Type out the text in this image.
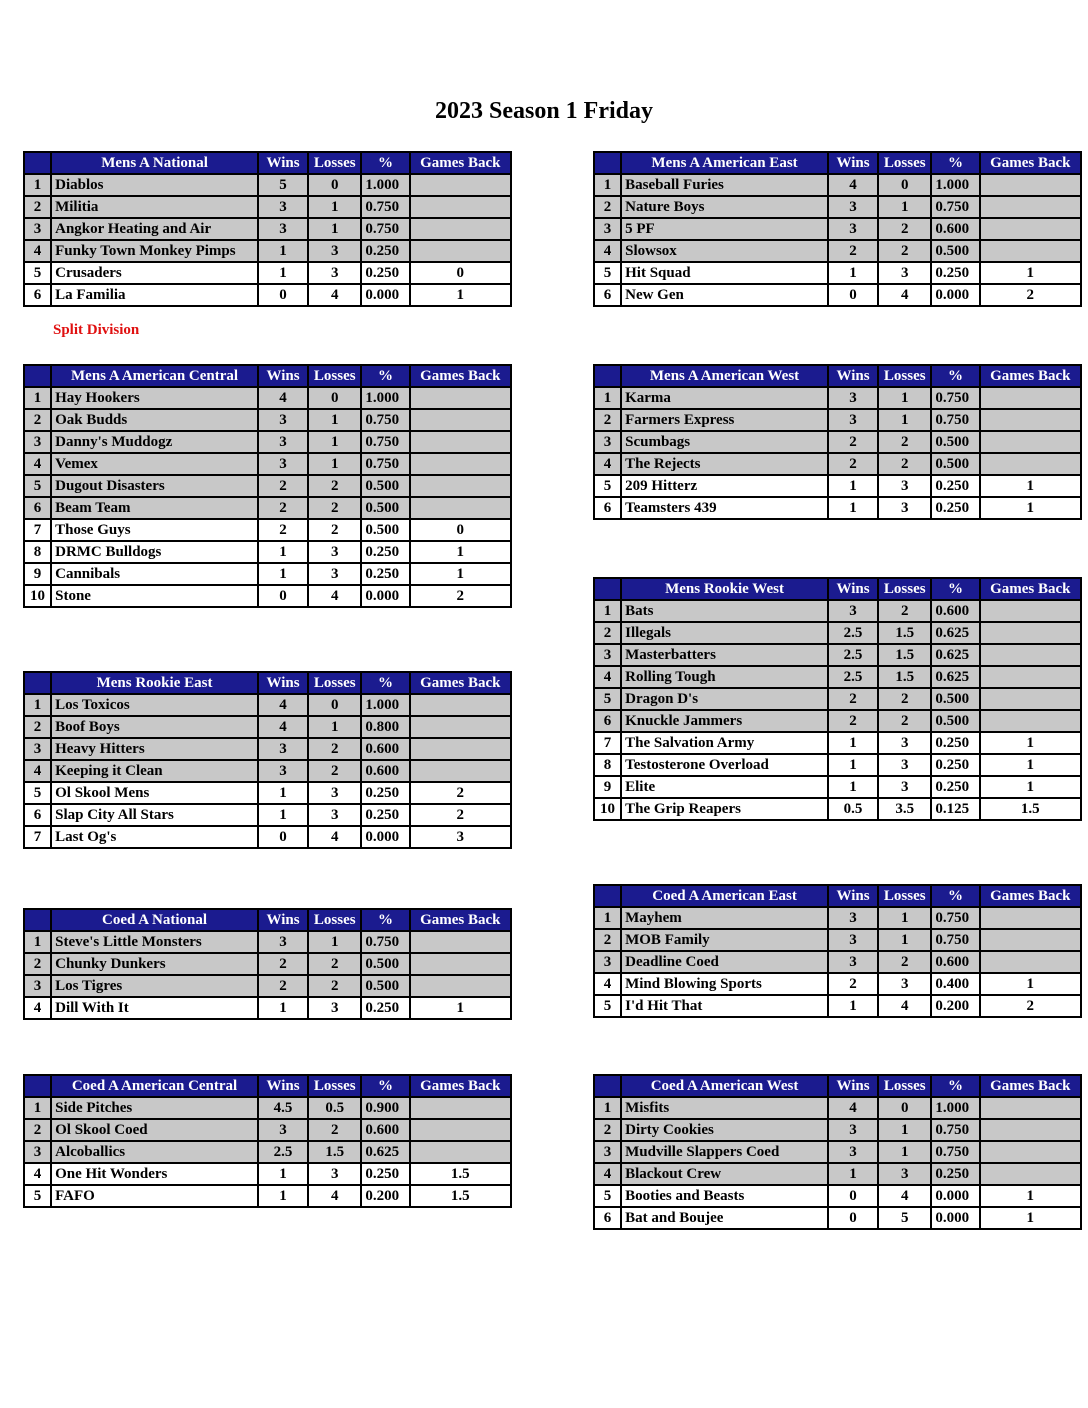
2023 Season 1 Friday
	Mens A National	Wins	Losses	%	Games Back
1	Diablos	5	0	1.000	
2	Militia	3	1	0.750	
3	Angkor Heating and Air	3	1	0.750	
4	Funky Town Monkey Pimps	1	3	0.250	
5	Crusaders	1	3	0.250	0
6	La Familia	0	4	0.000	1
	Mens A American East	Wins	Losses	%	Games Back
1	Baseball Furies	4	0	1.000	
2	Nature Boys	3	1	0.750	
3	5 PF	3	2	0.600	
4	Slowsox	2	2	0.500	
5	Hit Squad	1	3	0.250	1
6	New Gen	0	4	0.000	2
	Mens A American Central	Wins	Losses	%	Games Back
1	Hay Hookers	4	0	1.000	
2	Oak Budds	3	1	0.750	
3	Danny's Muddogz	3	1	0.750	
4	Vemex	3	1	0.750	
5	Dugout Disasters	2	2	0.500	
6	Beam Team	2	2	0.500	
7	Those Guys	2	2	0.500	0
8	DRMC Bulldogs	1	3	0.250	1
9	Cannibals	1	3	0.250	1
10	Stone	0	4	0.000	2
	Mens A American West	Wins	Losses	%	Games Back
1	Karma	3	1	0.750	
2	Farmers Express	3	1	0.750	
3	Scumbags	2	2	0.500	
4	The Rejects	2	2	0.500	
5	209 Hitterz	1	3	0.250	1
6	Teamsters 439	1	3	0.250	1
	Mens Rookie East	Wins	Losses	%	Games Back
1	Los Toxicos	4	0	1.000	
2	Boof Boys	4	1	0.800	
3	Heavy Hitters	3	2	0.600	
4	Keeping it Clean	3	2	0.600	
5	Ol Skool Mens	1	3	0.250	2
6	Slap City All Stars	1	3	0.250	2
7	Last Og's	0	4	0.000	3
	Mens Rookie West	Wins	Losses	%	Games Back
1	Bats	3	2	0.600	
2	Illegals	2.5	1.5	0.625	
3	Masterbatters	2.5	1.5	0.625	
4	Rolling Tough	2.5	1.5	0.625	
5	Dragon D's	2	2	0.500	
6	Knuckle Jammers	2	2	0.500	
7	The Salvation Army	1	3	0.250	1
8	Testosterone Overload	1	3	0.250	1
9	Elite	1	3	0.250	1
10	The Grip Reapers	0.5	3.5	0.125	1.5
	Coed A National	Wins	Losses	%	Games Back
1	Steve's Little Monsters	3	1	0.750	
2	Chunky Dunkers	2	2	0.500	
3	Los Tigres	2	2	0.500	
4	Dill With It	1	3	0.250	1
	Coed A American East	Wins	Losses	%	Games Back
1	Mayhem	3	1	0.750	
2	MOB Family	3	1	0.750	
3	Deadline Coed	3	2	0.600	
4	Mind Blowing Sports	2	3	0.400	1
5	I'd Hit That	1	4	0.200	2
	Coed A American Central	Wins	Losses	%	Games Back
1	Side Pitches	4.5	0.5	0.900	
2	Ol Skool Coed	3	2	0.600	
3	Alcoballics	2.5	1.5	0.625	
4	One Hit Wonders	1	3	0.250	1.5
5	FAFO	1	4	0.200	1.5
	Coed A American West	Wins	Losses	%	Games Back
1	Misfits	4	0	1.000	
2	Dirty Cookies	3	1	0.750	
3	Mudville Slappers Coed	3	1	0.750	
4	Blackout Crew	1	3	0.250	
5	Booties and Beasts	0	4	0.000	1
6	Bat and Boujee	0	5	0.000	1
Split Division
